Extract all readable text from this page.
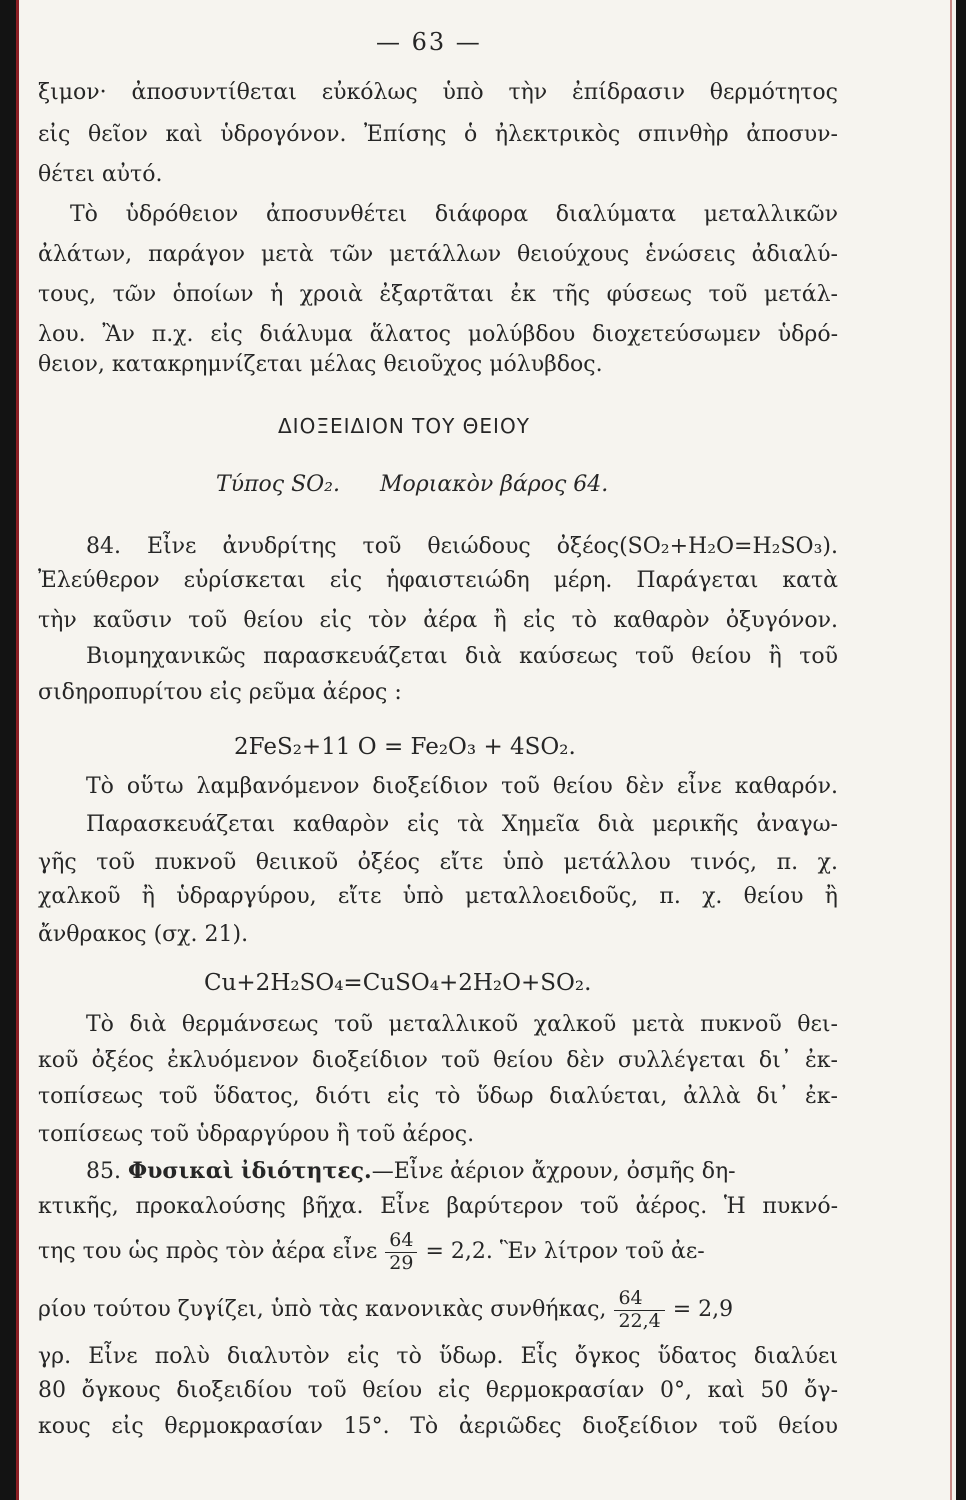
— 63 —
ξιμον· ἀποσυντίθεται εὐκόλως ὑπὸ τὴν ἐπίδρασιν θερμότητος
εἰς θεῖον καὶ ὑδρογόνον. Ἐπίσης ὁ ἠλεκτρικὸς σπινθὴρ ἀποσυν-
θέτει αὐτό.
Τὸ ὑδρόθειον ἀποσυνθέτει διάφορα διαλύματα μεταλλικῶν
ἀλάτων, παράγον μετὰ τῶν μετάλλων θειούχους ἑνώσεις ἀδιαλύ-
τους, τῶν ὁποίων ἡ χροιὰ ἐξαρτᾶται ἐκ τῆς φύσεως τοῦ μετάλ-
λου. Ἂν π.χ. εἰς διάλυμα ἅλατος μολύβδου διοχετεύσωμεν ὑδρό-
θειον, κατακρημνίζεται μέλας θειοῦχος μόλυβδος.
ΔΙΟΞΕΙΔΙΟΝ ΤΟΥ ΘΕΙΟΥ
Τύπος SO₂. Μοριακὸν βάρος 64.
84. Εἶνε ἀνυδρίτης τοῦ θειώδους ὀξέος(SO₂+H₂O=H₂SO₃).
Ἐλεύθερον εὑρίσκεται εἰς ἡφαιστειώδη μέρη. Παράγεται κατὰ
τὴν καῦσιν τοῦ θείου εἰς τὸν ἀέρα ἢ εἰς τὸ καθαρὸν ὀξυγόνον.
Βιομηχανικῶς παρασκευάζεται διὰ καύσεως τοῦ θείου ἢ τοῦ
σιδηροπυρίτου εἰς ρεῦμα ἀέρος :
2FeS₂+11 O = Fe₂O₃ + 4SO₂.
Τὸ οὕτω λαμβανόμενον διοξείδιον τοῦ θείου δὲν εἶνε καθαρόν.
Παρασκευάζεται καθαρὸν εἰς τὰ Χημεῖα διὰ μερικῆς ἀναγω-
γῆς τοῦ πυκνοῦ θειικοῦ ὀξέος εἴτε ὑπὸ μετάλλου τινός, π. χ.
χαλκοῦ ἢ ὑδραργύρου, εἴτε ὑπὸ μεταλλοειδοῦς, π. χ. θείου ἢ
ἄνθρακος (σχ. 21).
Cu+2H₂SO₄=CuSO₄+2H₂O+SO₂.
Τὸ διὰ θερμάνσεως τοῦ μεταλλικοῦ χαλκοῦ μετὰ πυκνοῦ θει-
κοῦ ὀξέος ἐκλυόμενον διοξείδιον τοῦ θείου δὲν συλλέγεται δι᾿ ἐκ-
τοπίσεως τοῦ ὕδατος, διότι εἰς τὸ ὕδωρ διαλύεται, ἀλλὰ δι᾿ ἐκ-
τοπίσεως τοῦ ὑδραργύρου ἢ τοῦ ἀέρος.
85. Φυσικαὶ ἰδιότητες.—Εἶνε ἀέριον ἄχρουν, ὀσμῆς δη-
κτικῆς, προκαλούσης βῆχα. Εἶνε βαρύτερον τοῦ ἀέρος. Ἡ πυκνό-
της του ὡς πρὸς τὸν ἀέρα εἶνε $\frac{64}{29} = 2,2$. Ἓν λίτρον τοῦ ἀε-
ρίου τούτου ζυγίζει, ὑπὸ τὰς κανονικὰς συνθήκας, $\frac{64}{22,4} = 2,9$
γρ. Εἶνε πολὺ διαλυτὸν εἰς τὸ ὕδωρ. Εἷς ὄγκος ὕδατος διαλύει
80 ὄγκους διοξειδίου τοῦ θείου εἰς θερμοκρασίαν 0°, καὶ 50 ὄγ-
κους εἰς θερμοκρασίαν 15°. Τὸ ἀεριῶδες διοξείδιον τοῦ θείου
